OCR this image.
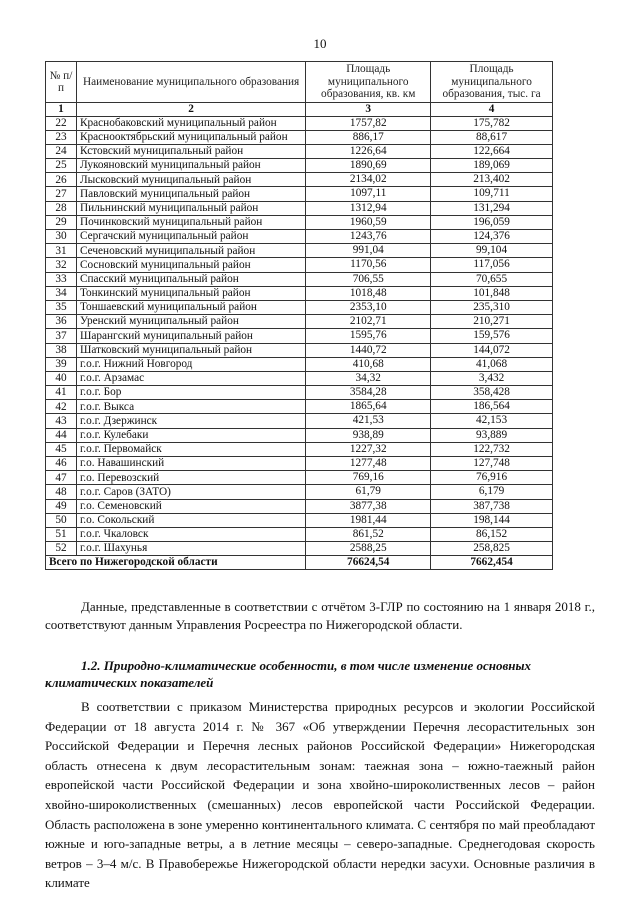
10
№ п/п	Наименование муниципального образования	Площадь муниципального образования, кв. км	Площадь муниципального образования, тыс. га
1	2	3	4
22	Краснобаковский муниципальный район	1757,82	175,782
23	Краснооктябрьский муниципальный район	886,17	88,617
24	Кстовский муниципальный район	1226,64	122,664
25	Лукояновский муниципальный район	1890,69	189,069
26	Лысковский муниципальный район	2134,02	213,402
27	Павловский муниципальный район	1097,11	109,711
28	Пильнинский муниципальный район	1312,94	131,294
29	Починковский муниципальный район	1960,59	196,059
30	Сергачский муниципальный район	1243,76	124,376
31	Сеченовский муниципальный район	991,04	99,104
32	Сосновский муниципальный район	1170,56	117,056
33	Спасский муниципальный район	706,55	70,655
34	Тонкинский муниципальный район	1018,48	101,848
35	Тоншаевский муниципальный район	2353,10	235,310
36	Уренский муниципальный район	2102,71	210,271
37	Шарангский муниципальный район	1595,76	159,576
38	Шатковский муниципальный район	1440,72	144,072
39	г.о.г. Нижний Новгород	410,68	41,068
40	г.о.г. Арзамас	34,32	3,432
41	г.о.г. Бор	3584,28	358,428
42	г.о.г. Выкса	1865,64	186,564
43	г.о.г. Дзержинск	421,53	42,153
44	г.о.г. Кулебаки	938,89	93,889
45	г.о.г. Первомайск	1227,32	122,732
46	г.о. Навашинский	1277,48	127,748
47	г.о. Перевозский	769,16	76,916
48	г.о.г. Саров (ЗАТО)	61,79	6,179
49	г.о. Семеновский	3877,38	387,738
50	г.о. Сокольский	1981,44	198,144
51	г.о.г. Чкаловск	861,52	86,152
52	г.о.г. Шахунья	2588,25	258,825
Всего по Нижегородской области		76624,54	7662,454
Данные, представленные в соответствии с отчётом 3-ГЛР по состоянию на 1 января 2018 г., соответствуют данным Управления Росреестра по Нижегородской области.
1.2. Природно-климатические особенности, в том числе изменение основных климатических показателей
В соответствии с приказом Министерства природных ресурсов и экологии Российской Федерации от 18 августа 2014 г. № 367 «Об утверждении Перечня лесорастительных зон Российской Федерации и Перечня лесных районов Российской Федерации» Нижегородская область отнесена к двум лесорастительным зонам: таежная зона – южно-таежный район европейской части Российской Федерации и зона хвойно-широколиственных лесов – район хвойно-широколиственных (смешанных) лесов европейской части Российской Федерации. Область расположена в зоне умеренно континентального климата. С сентября по май преобладают южные и юго-западные ветры, а в летние месяцы – северо-западные. Среднегодовая скорость ветров – 3–4 м/с. В Правобережье Нижегородской области нередки засухи. Основные различия в климате
